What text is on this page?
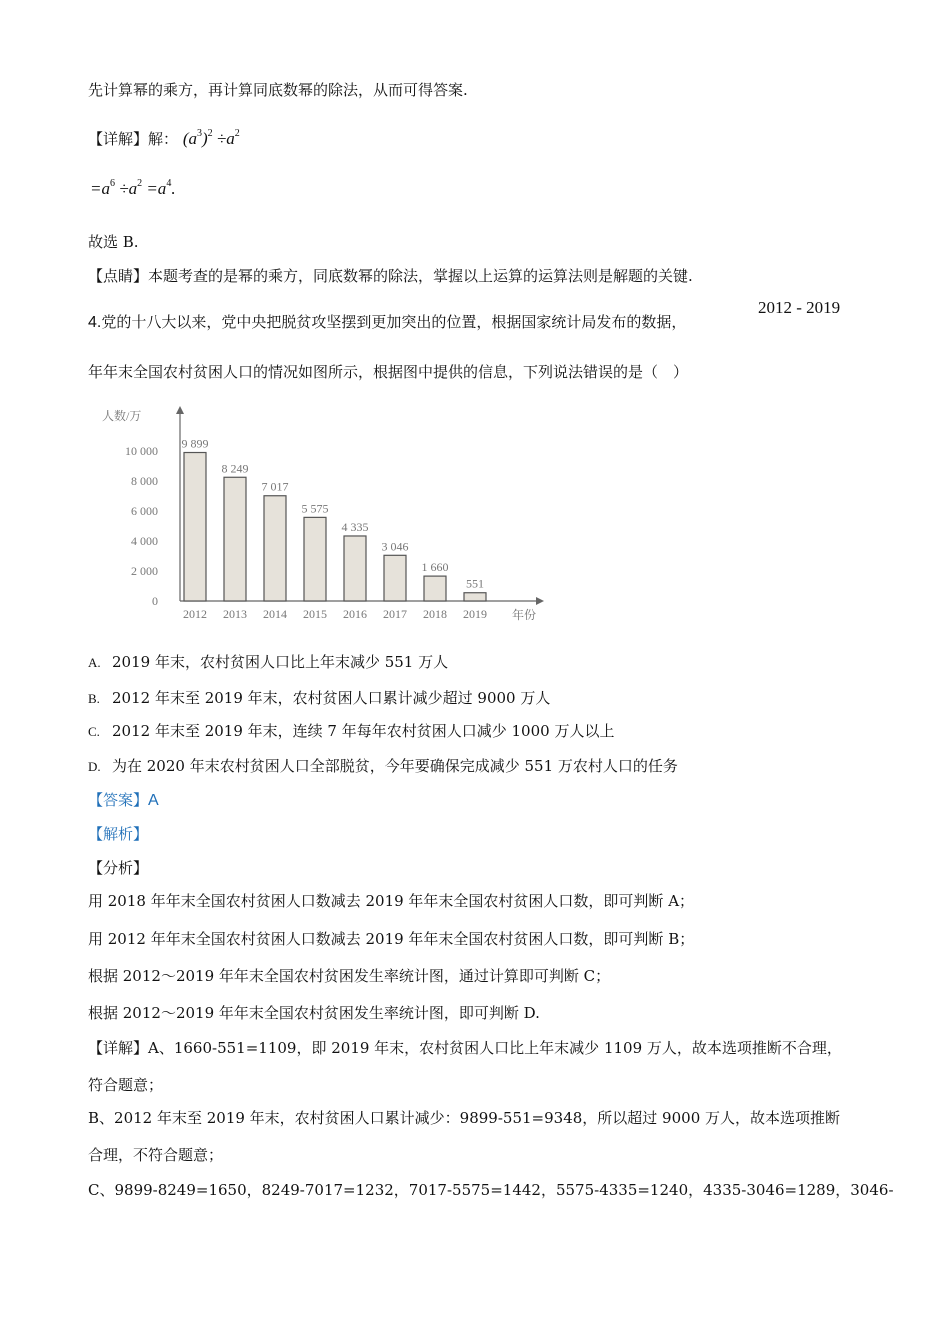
先计算幂的乘方，再计算同底数幂的除法，从而可得答案.
【详解】解： $(a^3)^2 \div a^2$
$=a^6 \div a^2 =a^4$.
故选 B.
【点睛】本题考查的是幂的乘方，同底数幂的除法，掌握以上运算的运算法则是解题的关键.
4.党的十八大以来，党中央把脱贫攻坚摆到更加突出的位置，根据国家统计局发布的数据，
2012 - 2019
年年末全国农村贫困人口的情况如图所示，根据图中提供的信息，下列说法错误的是（　）
人数/万
年份
0
2 000
4 000
6 000
8 000
10 000
9 899
2012
8 249
2013
7 017
2014
5 575
2015
4 335
2016
3 046
2017
1 660
2018
551
2019
A. 2019 年末，农村贫困人口比上年末减少 551 万人
B. 2012 年末至 2019 年末，农村贫困人口累计减少超过 9000 万人
C. 2012 年末至 2019 年末，连续 7 年每年农村贫困人口减少 1000 万人以上
D. 为在 2020 年末农村贫困人口全部脱贫，今年要确保完成减少 551 万农村人口的任务
【答案】A
【解析】
【分析】
用 2018 年年末全国农村贫困人口数减去 2019 年年末全国农村贫困人口数，即可判断 A；
用 2012 年年末全国农村贫困人口数减去 2019 年年末全国农村贫困人口数，即可判断 B；
根据 2012～2019 年年末全国农村贫困发生率统计图，通过计算即可判断 C；
根据 2012～2019 年年末全国农村贫困发生率统计图，即可判断 D.
【详解】A、1660-551=1109，即 2019 年末，农村贫困人口比上年末减少 1109 万人，故本选项推断不合理，
符合题意；
B、2012 年末至 2019 年末，农村贫困人口累计减少：9899-551=9348，所以超过 9000 万人，故本选项推断
合理，不符合题意；
C、9899-8249=1650，8249-7017=1232，7017-5575=1442，5575-4335=1240，4335-3046=1289，3046-
